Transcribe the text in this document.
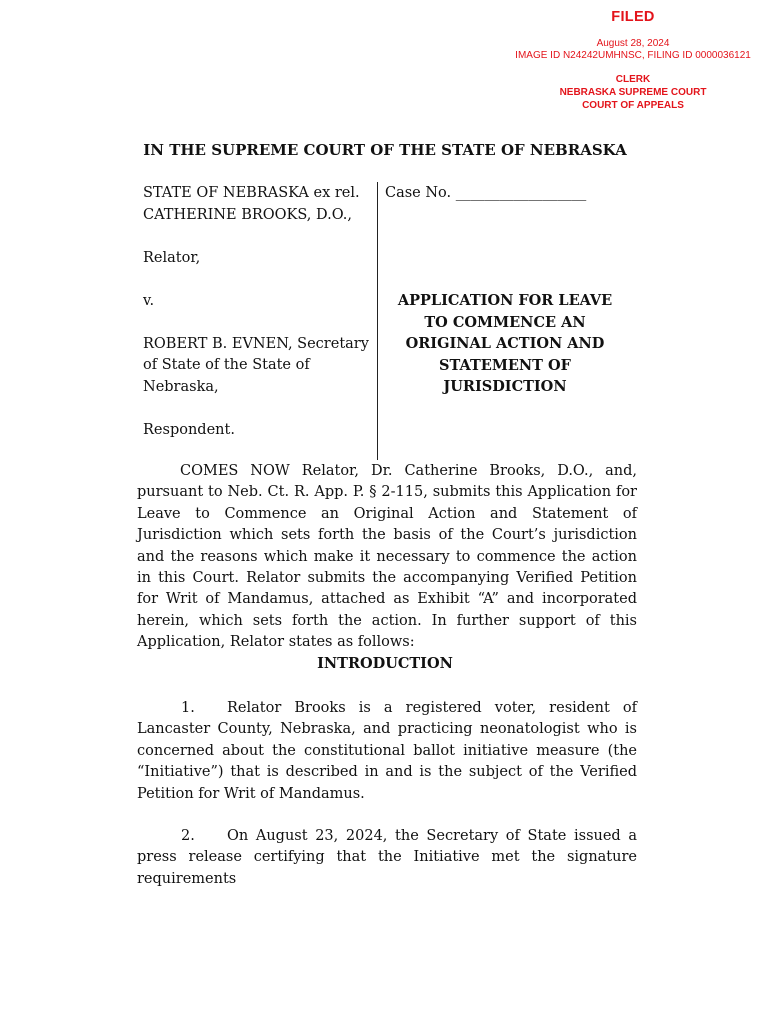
FILED
August 28, 2024
IMAGE ID N24242UMHNSC, FILING ID 0000036121
CLERK
NEBRASKA SUPREME COURT
COURT OF APPEALS
IN THE SUPREME COURT OF THE STATE OF NEBRASKA

STATE OF NEBRASKA ex rel.

CATHERINE BROOKS, D.O.,

Relator,

v.

ROBERT B. EVNEN, Secretary

of State of the State of

Nebraska,

Respondent.

Case No. __________________
APPLICATION FOR LEAVE
TO COMMENCE AN
ORIGINAL ACTION AND
STATEMENT OF
JURISDICTION

COMES NOW Relator, Dr. Catherine Brooks, D.O., and, pursuant to Neb. Ct. R. App. P. § 2-115, submits this Application for Leave to Commence an Original Action and Statement of Jurisdiction which sets forth the basis of the Court’s jurisdiction and the reasons which make it necessary to commence the action in this Court. Relator submits the accompanying Verified Petition for Writ of Mandamus, attached as Exhibit “A” and incorporated herein, which sets forth the action. In further support of this Application, Relator states as follows:

INTRODUCTION

1. Relator Brooks is a registered voter, resident of Lancaster County, Nebraska, and practicing neonatologist who is concerned about the constitutional ballot initiative measure (the “Initiative”) that is described in and is the subject of the Verified Petition for Writ of Mandamus.

2. On August 23, 2024, the Secretary of State issued a press release certifying that the Initiative met the signature requirements
